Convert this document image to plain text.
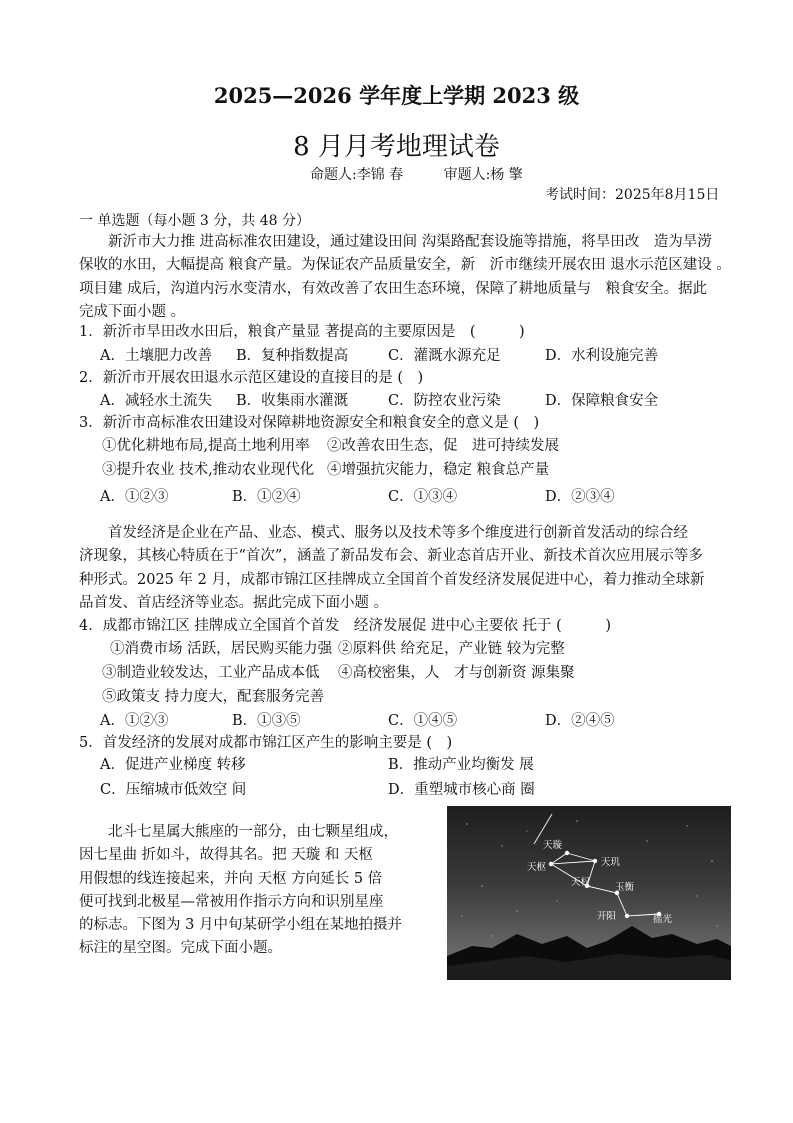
2025—2026 学年度上学期 2023 级
8 月月考地理试卷
命题人:李锦 春	审题人:杨 擎
考试时间：2025年8月15日
一 单选题（每小题 3 分，共 48 分）
新沂市大力推 进高标准农田建设，通过建设田间 沟渠路配套设施等措施，将旱田改　造为旱涝
保收的水田，大幅提高 粮食产量。为保证农产品质量安全，新　沂市继续开展农田 退水示范区建设 。
项目建 成后，沟道内污水变清水，有效改善了农田生态环境，保障了耕地质量与　粮食安全。据此
完成下面小题 。
1．新沂市旱田改水田后，粮食产量显 著提高的主要原因是　(　　　)
A．土壤肥力改善 B．复种指数提高	C．灌溉水源充足	D．水利设施完善
2．新沂市开展农田退水示范区建设的直接目的是 (　)
A．减轻水土流失 B．收集雨水灌溉	C．防控农业污染	D．保障粮食安全
3．新沂市高标准农田建设对保障耕地资源安全和粮食安全的意义是 (　)
①优化耕地布局,提高土地利用率 ②改善农田生态，促　进可持续发展
③提升农业 技术,推动农业现代化 ④增强抗灾能力，稳定 粮食总产量
A．①②③	B．①②④	C．①③④	D．②③④
首发经济是企业在产品、业态、模式、服务以及技术等多个维度进行创新首发活动的综合经
济现象，其核心特质在于“首次”，涵盖了新品发布会、新业态首店开业、新技术首次应用展示等多
种形式。2025 年 2 月，成都市锦江区挂牌成立全国首个首发经济发展促进中心，着力推动全球新
品首发、首店经济等业态。据此完成下面小题 。
4．成都市锦江区 挂牌成立全国首个首发　经济发展促 进中心主要依 托于 (　　　)
①消费市场 活跃，居民购买能力强 ②原料供 给充足，产业链 较为完整
③制造业较发达，工业产品成本低 ④高校密集，人　才与创新资 源集聚
⑤政策支 持力度大，配套服务完善
A．①②③	B．①③⑤	C．①④⑤	D．②④⑤
5．首发经济的发展对成都市锦江区产生的影响主要是 (　)
A．促进产业梯度 转移	B．推动产业均衡发 展
C．压缩城市低效空 间	D．重塑城市核心商 圈
北斗七星属大熊座的一部分，由七颗星组成，
因七星曲 折如斗，故得其名。把 天璇 和 天枢
用假想的线连接起来，并向 天枢 方向延长 5 倍
便可找到北极星—常被用作指示方向和识别星座
的标志。下图为 3 月中旬某研学小组在某地拍摄并
标注的星空图。完成下面小题。
天璇
天枢	天玑
天权	玉衡
开阳	摇光
